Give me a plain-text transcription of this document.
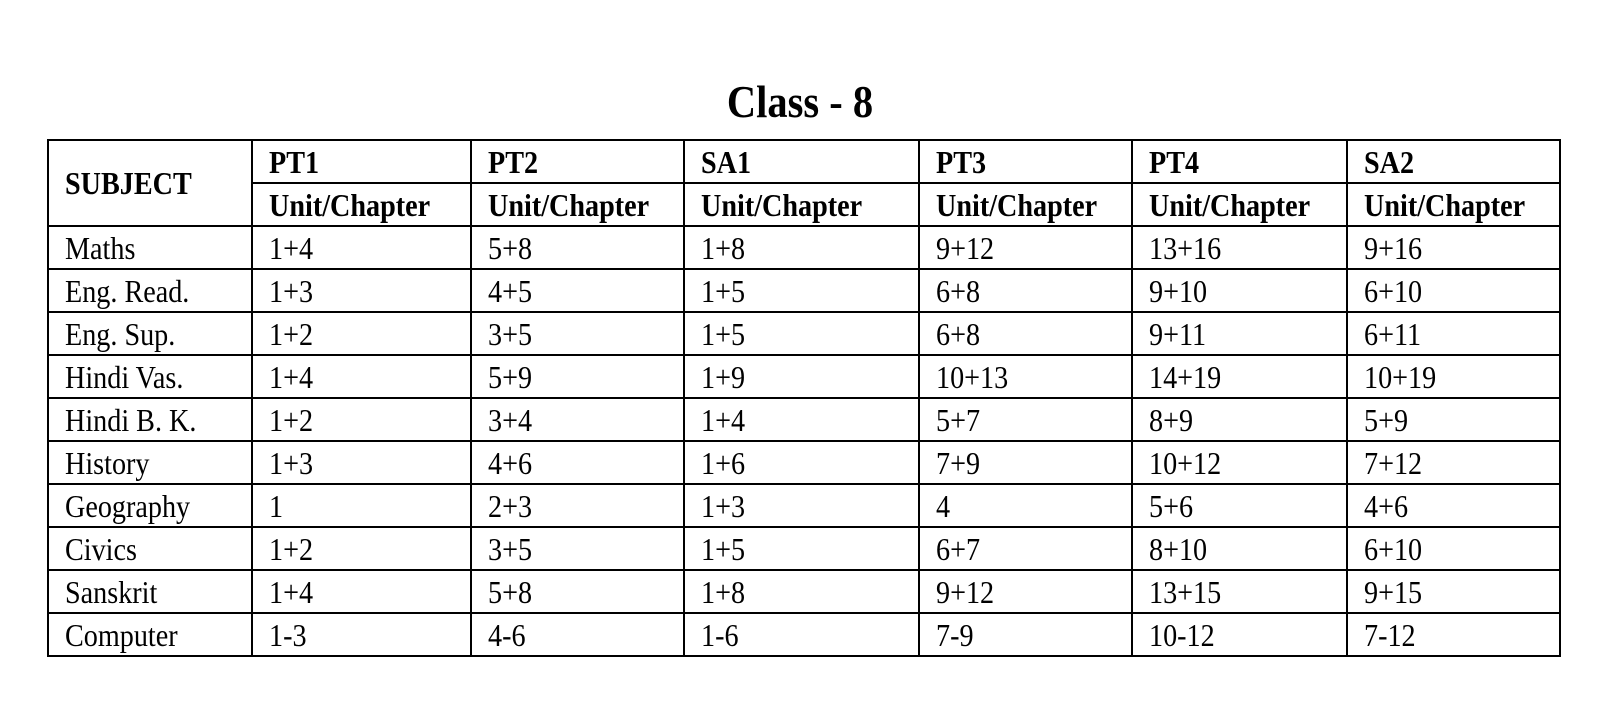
Class - 8
SUBJECT	PT1	PT2	SA1	PT3	PT4	SA2
	Unit/Chapter	Unit/Chapter	Unit/Chapter	Unit/Chapter	Unit/Chapter	Unit/Chapter
Maths	1+4	5+8	1+8	9+12	13+16	9+16
Eng. Read.	1+3	4+5	1+5	6+8	9+10	6+10
Eng. Sup.	1+2	3+5	1+5	6+8	9+11	6+11
Hindi Vas.	1+4	5+9	1+9	10+13	14+19	10+19
Hindi B. K.	1+2	3+4	1+4	5+7	8+9	5+9
History	1+3	4+6	1+6	7+9	10+12	7+12
Geography	1	2+3	1+3	4	5+6	4+6
Civics	1+2	3+5	1+5	6+7	8+10	6+10
Sanskrit	1+4	5+8	1+8	9+12	13+15	9+15
Computer	1-3	4-6	1-6	7-9	10-12	7-12
